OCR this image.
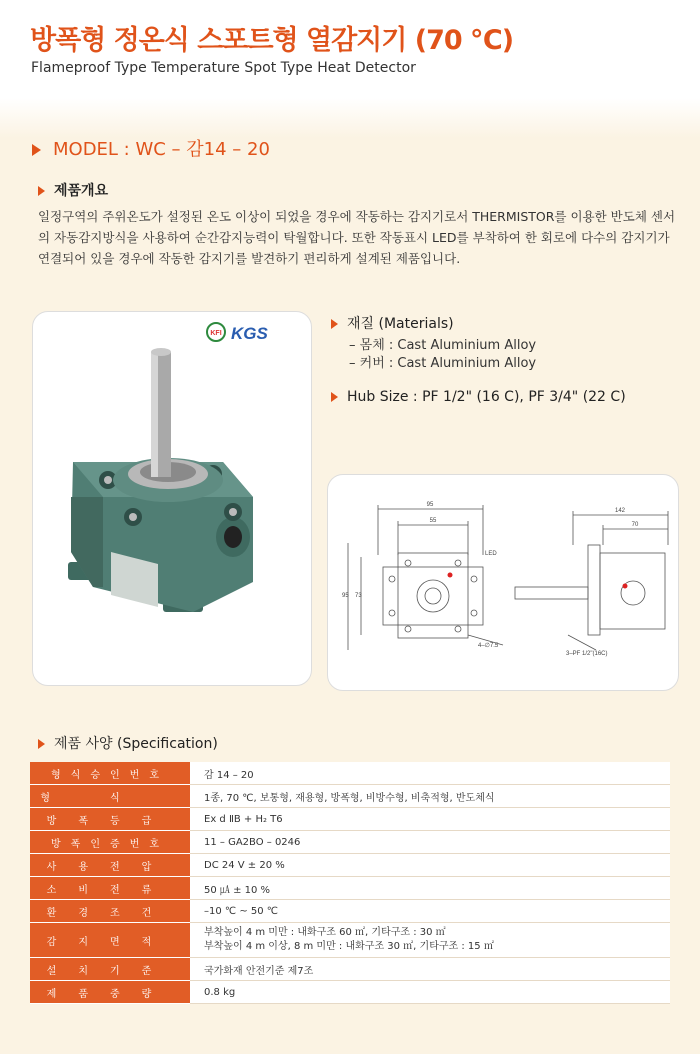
방폭형 정온식 스포트형 열감지기 (70 ℃)
Flameproof Type Temperature Spot Type Heat Detector
MODEL : WC – 감14 – 20
제품개요
일정구역의 주위온도가 설정된 온도 이상이 되었을 경우에 작동하는 감지기로서 THERMISTOR를 이용한 반도체 센서의 자동감지방식을 사용하여 순간감지능력이 탁월합니다. 또한 작동표시 LED를 부착하여 한 회로에 다수의 감지기가 연결되어 있을 경우에 작동한 감지기를 발견하기 편리하게 설계된 제품입니다.
KFI KGS	재질 (Materials)
– 몸체 : Cast Aluminium Alloy
– 커버 : Cast Aluminium Alloy
Hub Size : PF 1/2" (16 C), PF 3/4" (22 C)
95
55
95 73
LED
4–∅7.5
142
70
3–PF 1/2"(16C)
제품 사양 (Specification)
형식승인번호	감 14 – 20
형식	1종, 70 ℃, 보통형, 재용형, 방폭형, 비방수형, 비축적형, 반도체식
방폭등급	Ex d ⅡB + H₂ T6
방폭인증번호	11 – GA2BO – 0246
사용전압	DC 24 V ± 20 %
소비전류	50 ㎂ ± 10 %
환경조건	–10 ℃ ~ 50 ℃
감지면적	부착높이 4 m 미만 : 내화구조 60 ㎡, 기타구조 : 30 ㎡
부착높이 4 m 이상, 8 m 미만 : 내화구조 30 ㎡, 기타구조 : 15 ㎡

설치기준	국가화재 안전기준 제7조
제품중량	0.8 kg
